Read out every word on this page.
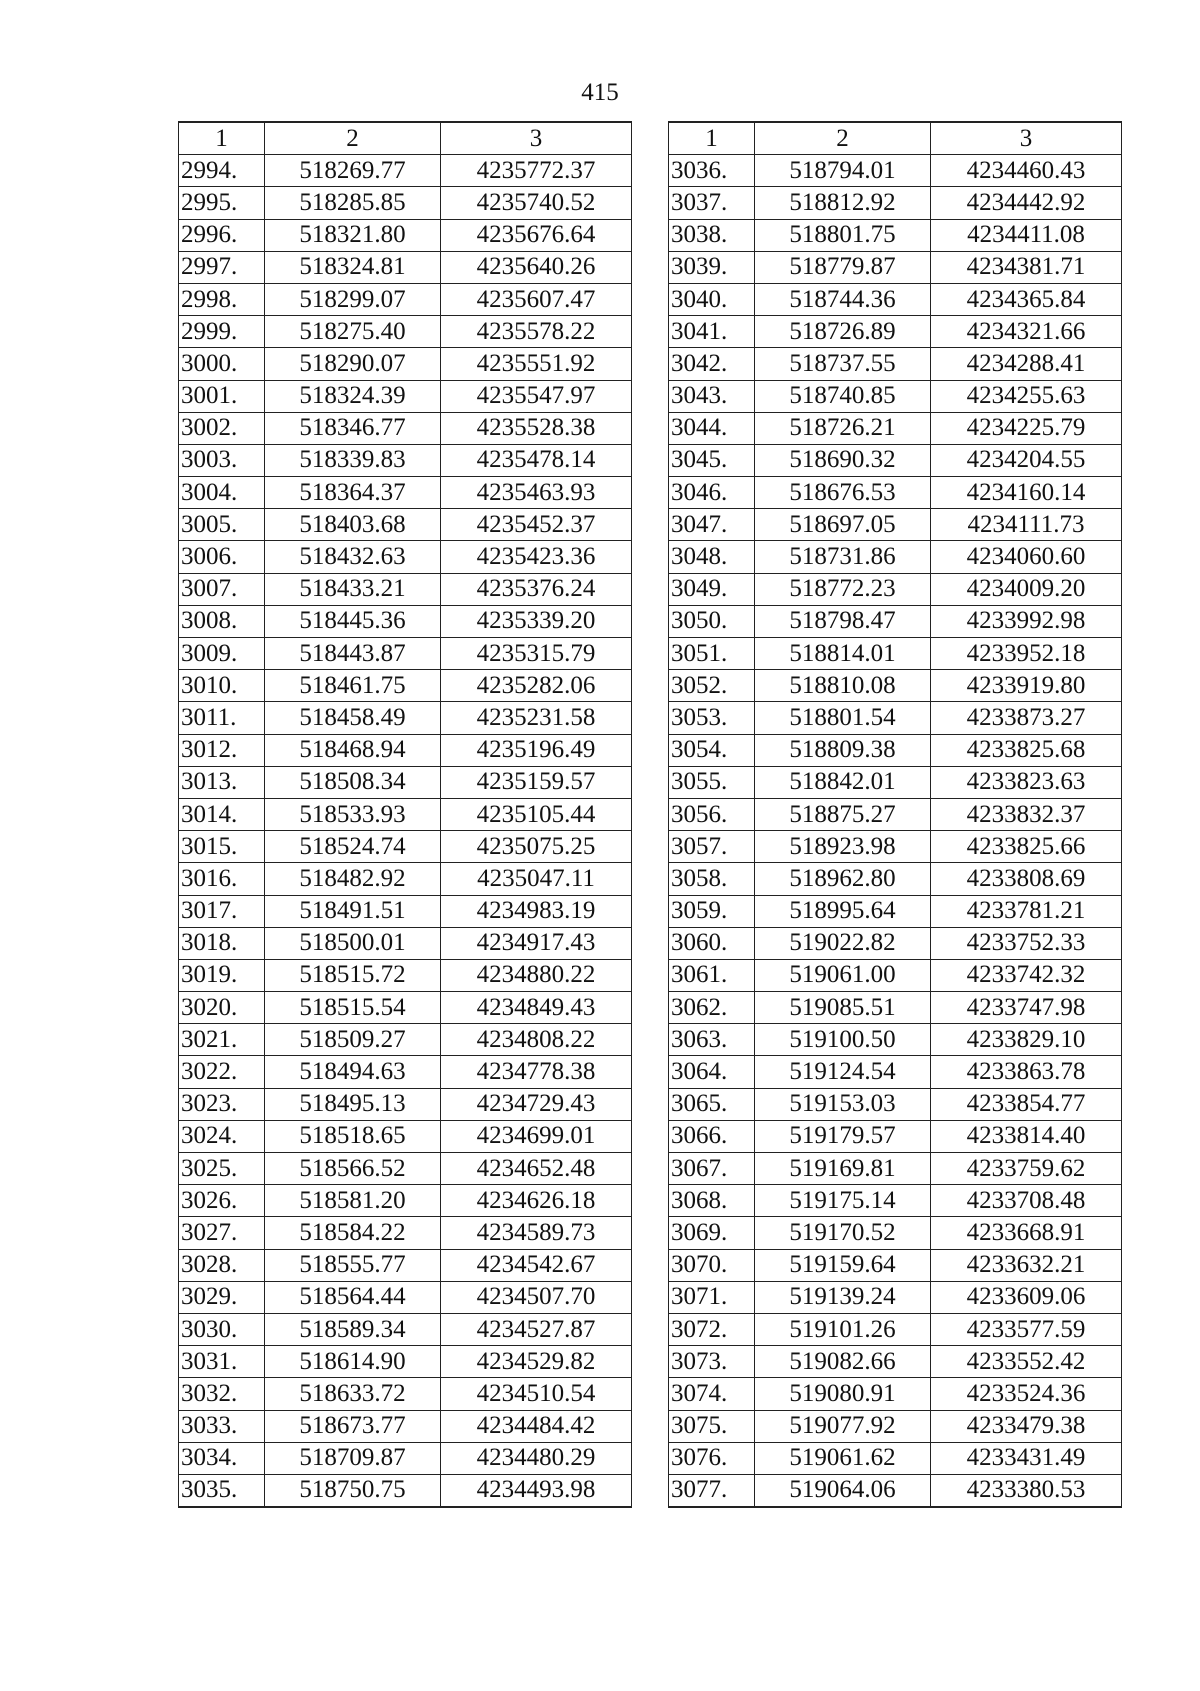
415
1	2	3
2994.	518269.77	4235772.37
2995.	518285.85	4235740.52
2996.	518321.80	4235676.64
2997.	518324.81	4235640.26
2998.	518299.07	4235607.47
2999.	518275.40	4235578.22
3000.	518290.07	4235551.92
3001.	518324.39	4235547.97
3002.	518346.77	4235528.38
3003.	518339.83	4235478.14
3004.	518364.37	4235463.93
3005.	518403.68	4235452.37
3006.	518432.63	4235423.36
3007.	518433.21	4235376.24
3008.	518445.36	4235339.20
3009.	518443.87	4235315.79
3010.	518461.75	4235282.06
3011.	518458.49	4235231.58
3012.	518468.94	4235196.49
3013.	518508.34	4235159.57
3014.	518533.93	4235105.44
3015.	518524.74	4235075.25
3016.	518482.92	4235047.11
3017.	518491.51	4234983.19
3018.	518500.01	4234917.43
3019.	518515.72	4234880.22
3020.	518515.54	4234849.43
3021.	518509.27	4234808.22
3022.	518494.63	4234778.38
3023.	518495.13	4234729.43
3024.	518518.65	4234699.01
3025.	518566.52	4234652.48
3026.	518581.20	4234626.18
3027.	518584.22	4234589.73
3028.	518555.77	4234542.67
3029.	518564.44	4234507.70
3030.	518589.34	4234527.87
3031.	518614.90	4234529.82
3032.	518633.72	4234510.54
3033.	518673.77	4234484.42
3034.	518709.87	4234480.29
3035.	518750.75	4234493.98
1	2	3
3036.	518794.01	4234460.43
3037.	518812.92	4234442.92
3038.	518801.75	4234411.08
3039.	518779.87	4234381.71
3040.	518744.36	4234365.84
3041.	518726.89	4234321.66
3042.	518737.55	4234288.41
3043.	518740.85	4234255.63
3044.	518726.21	4234225.79
3045.	518690.32	4234204.55
3046.	518676.53	4234160.14
3047.	518697.05	4234111.73
3048.	518731.86	4234060.60
3049.	518772.23	4234009.20
3050.	518798.47	4233992.98
3051.	518814.01	4233952.18
3052.	518810.08	4233919.80
3053.	518801.54	4233873.27
3054.	518809.38	4233825.68
3055.	518842.01	4233823.63
3056.	518875.27	4233832.37
3057.	518923.98	4233825.66
3058.	518962.80	4233808.69
3059.	518995.64	4233781.21
3060.	519022.82	4233752.33
3061.	519061.00	4233742.32
3062.	519085.51	4233747.98
3063.	519100.50	4233829.10
3064.	519124.54	4233863.78
3065.	519153.03	4233854.77
3066.	519179.57	4233814.40
3067.	519169.81	4233759.62
3068.	519175.14	4233708.48
3069.	519170.52	4233668.91
3070.	519159.64	4233632.21
3071.	519139.24	4233609.06
3072.	519101.26	4233577.59
3073.	519082.66	4233552.42
3074.	519080.91	4233524.36
3075.	519077.92	4233479.38
3076.	519061.62	4233431.49
3077.	519064.06	4233380.53
